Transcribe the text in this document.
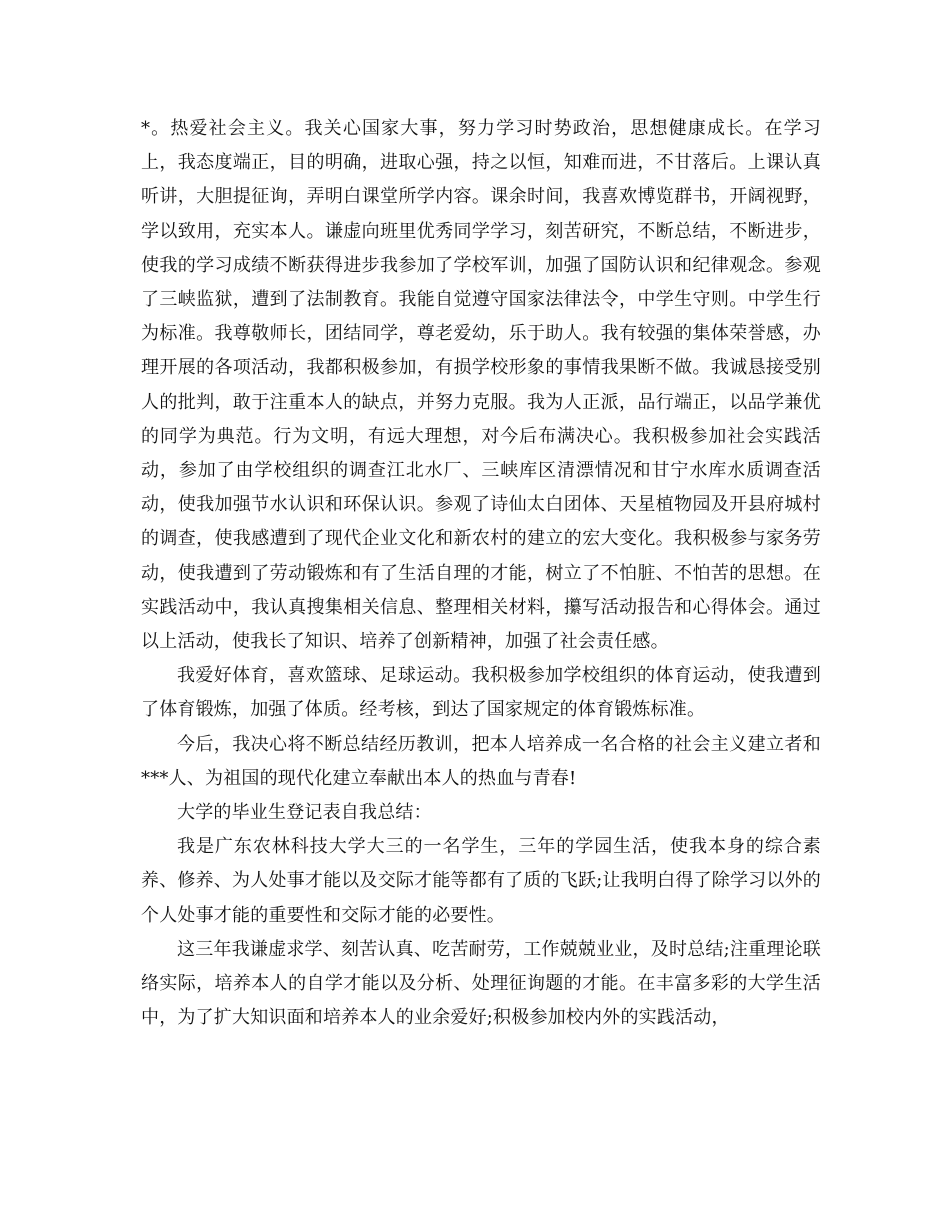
*。热爱社会主义。我关心国家大事，努力学习时势政治，思想健康成长。在学习上，我态度端正，目的明确，进取心强，持之以恒，知难而进，不甘落后。上课认真听讲，大胆提征询，弄明白课堂所学内容。课余时间，我喜欢博览群书，开阔视野，学以致用，充实本人。谦虚向班里优秀同学学习，刻苦研究，不断总结，不断进步，使我的学习成绩不断获得进步我参加了学校军训，加强了国防认识和纪律观念。参观了三峡监狱，遭到了法制教育。我能自觉遵守国家法律法令，中学生守则。中学生行为标准。我尊敬师长，团结同学，尊老爱幼，乐于助人。我有较强的集体荣誉感，办理开展的各项活动，我都积极参加，有损学校形象的事情我果断不做。我诚恳接受别人的批判，敢于注重本人的缺点，并努力克服。我为人正派，品行端正，以品学兼优的同学为典范。行为文明，有远大理想，对今后布满决心。我积极参加社会实践活动，参加了由学校组织的调查江北水厂、三峡库区清漂情况和甘宁水库水质调查活动，使我加强节水认识和环保认识。参观了诗仙太白团体、天星植物园及开县府城村的调查，使我感遭到了现代企业文化和新农村的建立的宏大变化。我积极参与家务劳动，使我遭到了劳动锻炼和有了生活自理的才能，树立了不怕脏、不怕苦的思想。在实践活动中，我认真搜集相关信息、整理相关材料，攥写活动报告和心得体会。通过以上活动，使我长了知识、培养了创新精神，加强了社会责任感。

我爱好体育，喜欢篮球、足球运动。我积极参加学校组织的体育运动，使我遭到了体育锻炼，加强了体质。经考核，到达了国家规定的体育锻炼标准。

今后，我决心将不断总结经历教训，把本人培养成一名合格的社会主义建立者和***人、为祖国的现代化建立奉献出本人的热血与青春!

大学的毕业生登记表自我总结：

我是广东农林科技大学大三的一名学生，三年的学园生活，使我本身的综合素养、修养、为人处事才能以及交际才能等都有了质的飞跃;让我明白得了除学习以外的个人处事才能的重要性和交际才能的必要性。

这三年我谦虚求学、刻苦认真、吃苦耐劳，工作兢兢业业，及时总结;注重理论联络实际，培养本人的自学才能以及分析、处理征询题的才能。在丰富多彩的大学生活中，为了扩大知识面和培养本人的业余爱好;积极参加校内外的实践活动，
